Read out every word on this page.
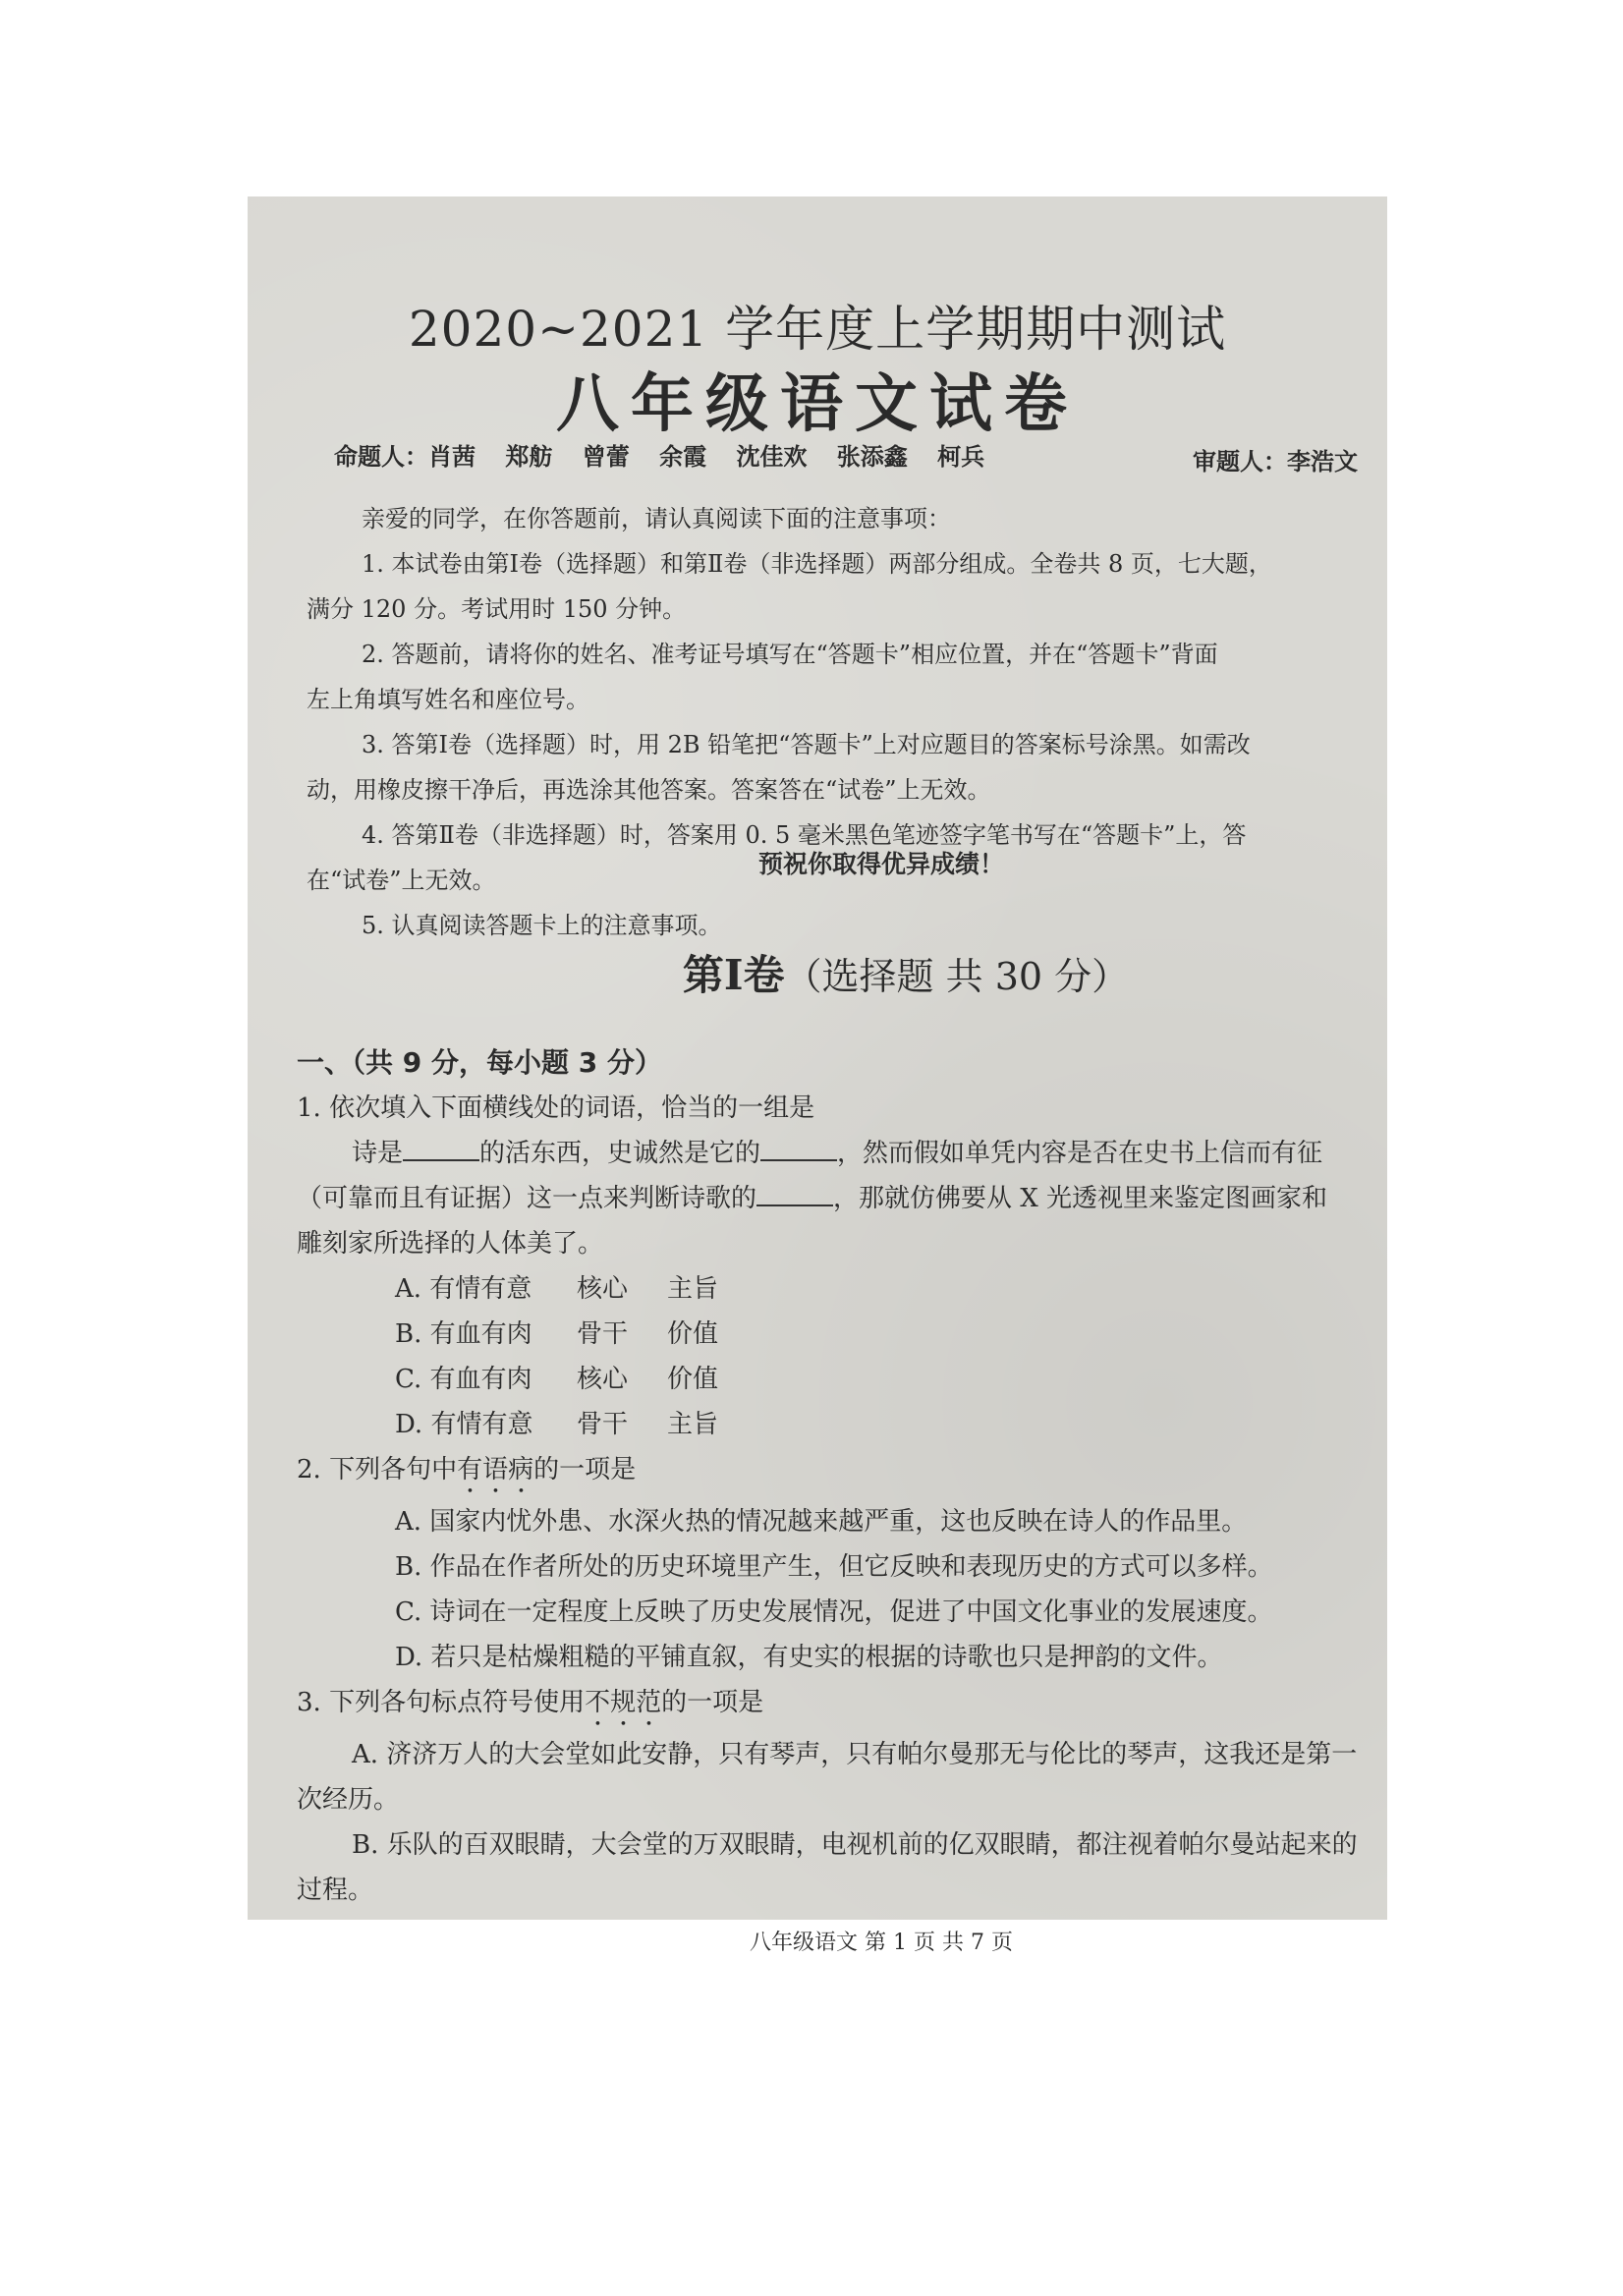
2020~2021 学年度上学期期中测试
八年级语文试卷
命题人：肖茜 郑舫 曾蕾 余霞 沈佳欢 张添鑫 柯兵	审题人：李浩文

亲爱的同学，在你答题前，请认真阅读下面的注意事项：

1. 本试卷由第Ⅰ卷（选择题）和第Ⅱ卷（非选择题）两部分组成。全卷共 8 页，七大题，

满分 120 分。考试用时 150 分钟。

2. 答题前，请将你的姓名、准考证号填写在“答题卡”相应位置，并在“答题卡”背面

左上角填写姓名和座位号。

3. 答第Ⅰ卷（选择题）时，用 2B 铅笔把“答题卡”上对应题目的答案标号涂黑。如需改

动，用橡皮擦干净后，再选涂其他答案。答案答在“试卷”上无效。

4. 答第Ⅱ卷（非选择题）时，答案用 0. 5 毫米黑色笔迹签字笔书写在“答题卡”上，答

在“试卷”上无效。

5. 认真阅读答题卡上的注意事项。

预祝你取得优异成绩！
第Ⅰ卷（选择题 共 30 分）
一、（共 9 分，每小题 3 分）

1. 依次填入下面横线处的词语，恰当的一组是

诗是	的活东西，史诚然是它的	，然而假如单凭内容是否在史书上信而有征

（可靠而且有证据）这一点来判断诗歌的	，那就仿佛要从 X 光透视里来鉴定图画家和

雕刻家所选择的人体美了。

A. 有情有意 核心 主旨

B. 有血有肉 骨干 价值

C. 有血有肉 核心 价值

D. 有情有意 骨干 主旨

2. 下列各句中有语病的一项是

A. 国家内忧外患、水深火热的情况越来越严重，这也反映在诗人的作品里。

B. 作品在作者所处的历史环境里产生，但它反映和表现历史的方式可以多样。

C. 诗词在一定程度上反映了历史发展情况，促进了中国文化事业的发展速度。

D. 若只是枯燥粗糙的平铺直叙，有史实的根据的诗歌也只是押韵的文件。

3. 下列各句标点符号使用不规范的一项是

A. 济济万人的大会堂如此安静，只有琴声，只有帕尔曼那无与伦比的琴声，这我还是第一

次经历。

B. 乐队的百双眼睛，大会堂的万双眼睛，电视机前的亿双眼睛，都注视着帕尔曼站起来的

过程。

八年级语文 第 1 页 共 7 页
